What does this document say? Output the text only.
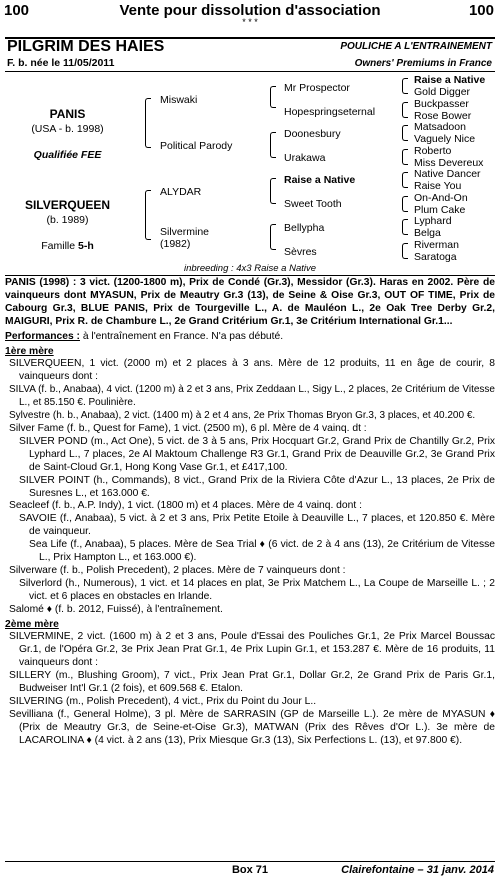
100	Vente pour dissolution d'association	100
* * *
PILGRIM DES HAIES	POULICHE A L'ENTRAINEMENT
F. b. née le 11/05/2011	Owners' Premiums in France
PANIS
(USA - b. 1998)
Qualifiée FEE
SILVERQUEEN
(b. 1989)
Famille 5-h
Miswaki
Political Parody
ALYDAR
Silvermine
(1982)
Mr Prospector
Hopespringseternal
Doonesbury
Urakawa
Raise a Native
Sweet Tooth
Bellypha
Sèvres
Raise a Native
Gold Digger
Buckpasser
Rose Bower
Matsadoon
Vaguely Nice
Roberto
Miss Devereux
Native Dancer
Raise You
On-And-On
Plum Cake
Lyphard
Belga
Riverman
Saratoga
inbreeding : 4x3 Raise a Native

PANIS (1998) : 3 vict. (1200-1800 m), Prix de Condé (Gr.3), Messidor (Gr.3). Haras en 2002. Père de vainqueurs dont MYASUN, Prix de Meautry Gr.3 (13), de Seine & Oise Gr.3, OUT OF TIME, Prix de Cabourg Gr.3, BLUE PANIS, Prix de Tourgeville L., A. de Mauléon L., 2e Oak Tree Derby Gr.2, MAIGURI, Prix R. de Chambure L., 2e Grand Critérium Gr.1, 3e Critérium International Gr.1...

Performances : à l'entraînement en France. N'a pas débuté.

1ère mère

SILVERQUEEN, 1 vict. (2000 m) et 2 places à 3 ans. Mère de 12 produits, 11 en âge de courir, 8 vainqueurs dont :

SILVA (f. b., Anabaa), 4 vict. (1200 m) à 2 et 3 ans, Prix Zeddaan L., Sigy L., 2 places, 2e Critérium de Vitesse L., et 85.150 €. Poulinière.

Sylvestre (h. b., Anabaa), 2 vict. (1400 m) à 2 et 4 ans, 2e Prix Thomas Bryon Gr.3, 3 places, et 40.200 €.

Silver Fame (f. b., Quest for Fame), 1 vict. (2500 m), 6 pl. Mère de 4 vainq. dt :

SILVER POND (m., Act One), 5 vict. de 3 à 5 ans, Prix Hocquart Gr.2, Grand Prix de Chantilly Gr.2, Prix Lyphard L., 7 places, 2e Al Maktoum Challenge R3 Gr.1, Grand Prix de Deauville Gr.2, 3e Grand Prix de Saint-Cloud Gr.1, Hong Kong Vase Gr.1, et £417,100.

SILVER POINT (h., Commands), 8 vict., Grand Prix de la Riviera Côte d'Azur L., 13 places, 2e Prix de Suresnes L., et 163.000 €.

Seacleef (f. b., A.P. Indy), 1 vict. (1800 m) et 4 places. Mère de 4 vainq. dont :

SAVOIE (f., Anabaa), 5 vict. à 2 et 3 ans, Prix Petite Etoile à Deauville L., 7 places, et 120.850 €. Mère de vainqueur.

Sea Life (f., Anabaa), 5 places. Mère de Sea Trial ♦ (6 vict. de 2 à 4 ans (13), 2e Critérium de Vitesse L., Prix Hampton L., et 163.000 €).

Silverware (f. b., Polish Precedent), 2 places. Mère de 7 vainqueurs dont :

Silverlord (h., Numerous), 1 vict. et 14 places en plat, 3e Prix Matchem L., La Coupe de Marseille L. ; 2 vict. et 6 places en obstacles en Irlande.

Salomé ♦ (f. b. 2012, Fuissé), à l'entraînement.

2ème mère

SILVERMINE, 2 vict. (1600 m) à 2 et 3 ans, Poule d'Essai des Pouliches Gr.1, 2e Prix Marcel Boussac Gr.1, de l'Opéra Gr.2, 3e Prix Jean Prat Gr.1, 4e Prix Lupin Gr.1, et 153.287 €. Mère de 16 produits, 11 vainqueurs dont :

SILLERY (m., Blushing Groom), 7 vict., Prix Jean Prat Gr.1, Dollar Gr.2, 2e Grand Prix de Paris Gr.1, Budweiser Int'l Gr.1 (2 fois), et 609.568 €. Etalon.

SILVERING (m., Polish Precedent), 4 vict., Prix du Point du Jour L..

Sevilliana (f., General Holme), 3 pl. Mère de SARRASIN (GP de Marseille L.). 2e mère de MYASUN ♦ (Prix de Meautry Gr.3, de Seine-et-Oise Gr.3), MATWAN (Prix des Rêves d'Or L.). 3e mère de LACAROLINA ♦ (4 vict. à 2 ans (13), Prix Miesque Gr.3 (13), Six Perfections L. (13), et 97.800 €).

Box 71	Clairefontaine – 31 janv. 2014
